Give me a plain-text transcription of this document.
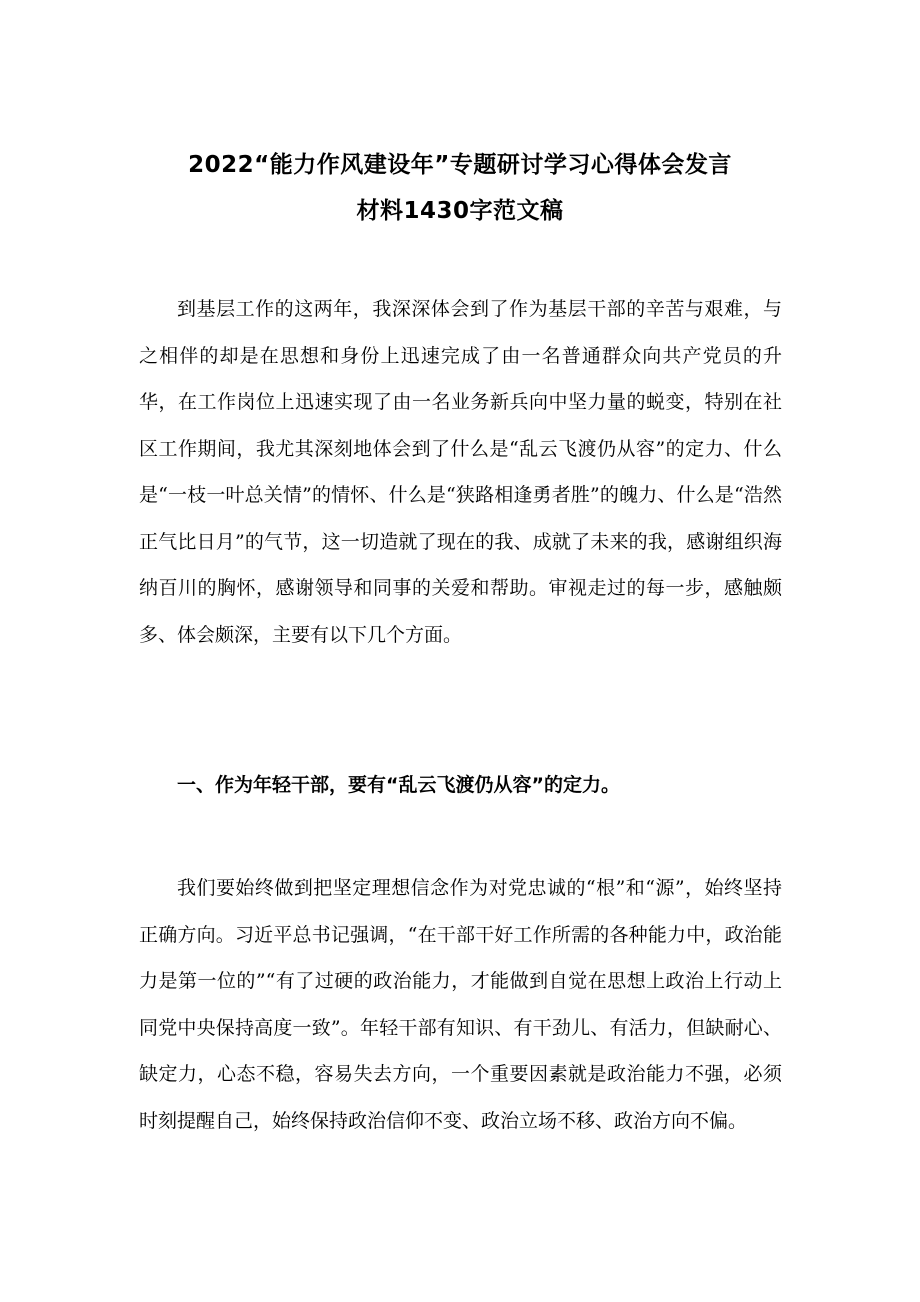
2022“能力作风建设年”专题研讨学习心得体会发言
材料1430字范文稿

到基层工作的这两年，我深深体会到了作为基层干部的辛苦与艰难，与之相伴的却是在思想和身份上迅速完成了由一名普通群众向共产党员的升华，在工作岗位上迅速实现了由一名业务新兵向中坚力量的蜕变，特别在社区工作期间，我尤其深刻地体会到了什么是“乱云飞渡仍从容”的定力、什么是“一枝一叶总关情”的情怀、什么是“狭路相逢勇者胜”的魄力、什么是“浩然正气比日月”的气节，这一切造就了现在的我、成就了未来的我，感谢组织海纳百川的胸怀，感谢领导和同事的关爱和帮助。审视走过的每一步，感触颇多、体会颇深，主要有以下几个方面。

一、作为年轻干部，要有“乱云飞渡仍从容”的定力。

我们要始终做到把坚定理想信念作为对党忠诚的“根”和“源”，始终坚持正确方向。习近平总书记强调，“在干部干好工作所需的各种能力中，政治能力是第一位的”“有了过硬的政治能力，才能做到自觉在思想上政治上行动上同党中央保持高度一致”。年轻干部有知识、有干劲儿、有活力，但缺耐心、缺定力，心态不稳，容易失去方向，一个重要因素就是政治能力不强，必须时刻提醒自己，始终保持政治信仰不变、政治立场不移、政治方向不偏。
